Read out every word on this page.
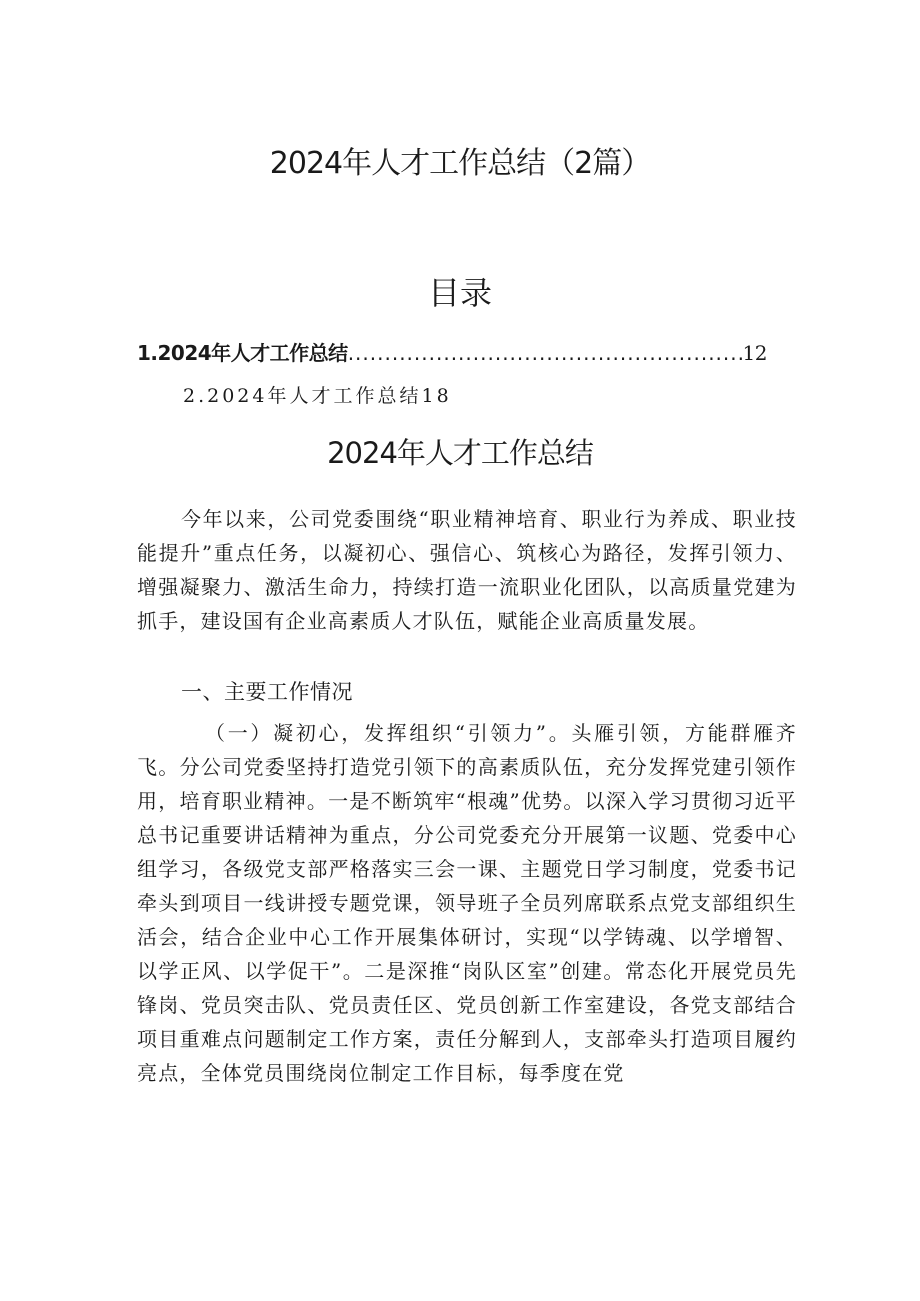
2024年人才工作总结（2篇）
目录
1.2024年人才工作总结
.....	12
2.2024年人才工作总结18
2024年人才工作总结

今年以来，公司党委围绕“职业精神培育、职业行为养成、职业技能提升”重点任务，以凝初心、强信心、筑核心为路径，发挥引领力、增强凝聚力、激活生命力，持续打造一流职业化团队，以高质量党建为抓手，建设国有企业高素质人才队伍，赋能企业高质量发展。

一、主要工作情况

（一）凝初心，发挥组织“引领力”。头雁引领，方能群雁齐飞。分公司党委坚持打造党引领下的高素质队伍，充分发挥党建引领作用，培育职业精神。一是不断筑牢“根魂”优势。以深入学习贯彻习近平总书记重要讲话精神为重点，分公司党委充分开展第一议题、党委中心组学习，各级党支部严格落实三会一课、主题党日学习制度，党委书记牵头到项目一线讲授专题党课，领导班子全员列席联系点党支部组织生活会，结合企业中心工作开展集体研讨，实现“以学铸魂、以学增智、以学正风、以学促干”。二是深推“岗队区室”创建。常态化开展党员先锋岗、党员突击队、党员责任区、党员创新工作室建设，各党支部结合项目重难点问题制定工作方案，责任分解到人，支部牵头打造项目履约亮点，全体党员围绕岗位制定工作目标，每季度在党
